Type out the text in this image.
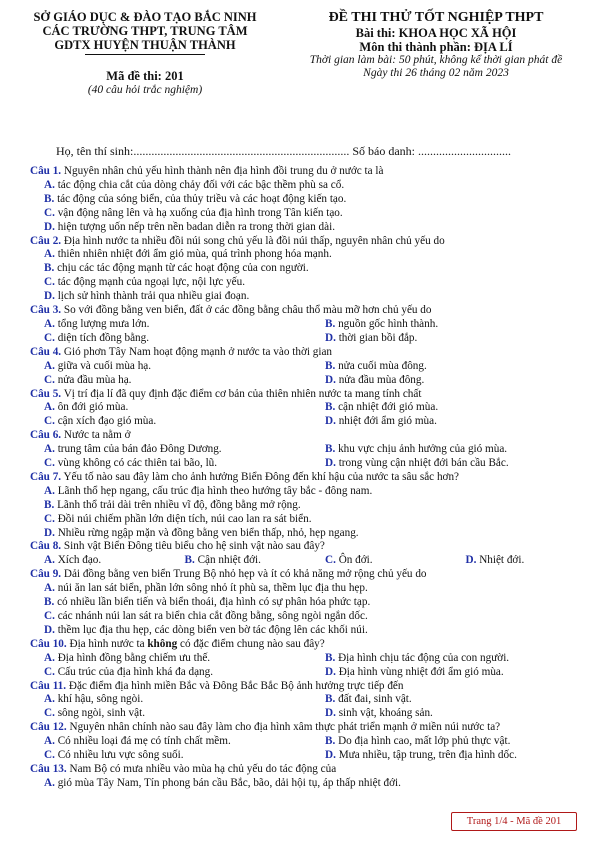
SỞ GIÁO DỤC & ĐÀO TẠO BẮC NINH
CÁC TRƯỜNG THPT, TRUNG TÂM
GDTX HUYỆN THUẬN THÀNH
Mã đề thi: 201
(40 câu hỏi trắc nghiệm)
ĐỀ THI THỬ TỐT NGHIỆP THPT
Bài thi: KHOA HỌC XÃ HỘI
Môn thi thành phần: ĐỊA LÍ
Thời gian làm bài: 50 phút, không kể thời gian phát đề
Ngày thi 26 tháng 02 năm 2023
Họ, tên thí sinh:........................................................................ Số báo danh: ...............................
Câu 1. Nguyên nhân chủ yếu hình thành nên địa hình đồi trung du ở nước ta là
A. tác động chia cắt của dòng chảy đối với các bậc thềm phù sa cổ.
B. tác động của sóng biển, của thủy triều và các hoạt động kiến tạo.
C. vận động nâng lên và hạ xuống của địa hình trong Tân kiến tạo.
D. hiện tượng uốn nếp trên nền badan diễn ra trong thời gian dài.
Câu 2. Địa hình nước ta nhiều đồi núi song chủ yếu là đồi núi thấp, nguyên nhân chủ yếu do
A. thiên nhiên nhiệt đới ẩm gió mùa, quá trình phong hóa mạnh.
B. chịu các tác động mạnh từ các hoạt động của con người.
C. tác động mạnh của ngoại lực, nội lực yếu.
D. lịch sử hình thành trải qua nhiều giai đoạn.
Câu 3. So với đồng bằng ven biển, đất ở các đồng bằng châu thổ màu mỡ hơn chủ yếu do
A. tổng lượng mưa lớn.	B. nguồn gốc hình thành.
C. diện tích đồng bằng.	D. thời gian bồi đắp.
Câu 4. Gió phơn Tây Nam hoạt động mạnh ở nước ta vào thời gian
A. giữa và cuối mùa hạ.	B. nửa cuối mùa đông.
C. nửa đầu mùa hạ.	D. nửa đầu mùa đông.
Câu 5. Vị trí địa lí đã quy định đặc điểm cơ bản của thiên nhiên nước ta mang tính chất
A. ôn đới gió mùa.	B. cận nhiệt đới gió mùa.
C. cận xích đạo gió mùa.	D. nhiệt đới ẩm gió mùa.
Câu 6. Nước ta nằm ở
A. trung tâm của bán đảo Đông Dương.	B. khu vực chịu ảnh hưởng của gió mùa.
C. vùng không có các thiên tai bão, lũ.	D. trong vùng cận nhiệt đới bán cầu Bắc.
Câu 7. Yếu tố nào sau đây làm cho ảnh hưởng Biển Đông đến khí hậu của nước ta sâu sắc hơn?
A. Lãnh thổ hẹp ngang, cấu trúc địa hình theo hướng tây bắc - đông nam.
B. Lãnh thổ trải dài trên nhiều vĩ độ, đồng bằng mở rộng.
C. Đồi núi chiếm phần lớn diện tích, núi cao lan ra sát biển.
D. Nhiều rừng ngập mặn và đồng bằng ven biển thấp, nhỏ, hẹp ngang.
Câu 8. Sinh vật Biển Đông tiêu biểu cho hệ sinh vật nào sau đây?
A. Xích đạo.	B. Cận nhiệt đới.	C. Ôn đới.	D. Nhiệt đới.
Câu 9. Dải đồng bằng ven biển Trung Bộ nhỏ hẹp và ít có khả năng mở rộng chủ yếu do
A. núi ăn lan sát biển, phần lớn sông nhỏ ít phù sa, thềm lục địa thu hẹp.
B. có nhiều lần biển tiến và biển thoái, địa hình có sự phân hóa phức tạp.
C. các nhánh núi lan sát ra biển chia cắt đồng bằng, sông ngòi ngắn dốc.
D. thềm lục địa thu hẹp, các dòng biển ven bờ tác động lên các khối núi.
Câu 10. Địa hình nước ta không có đặc điểm chung nào sau đây?
A. Địa hình đồng bằng chiếm ưu thế.	B. Địa hình chịu tác động của con người.
C. Cấu trúc của địa hình khá đa dạng.	D. Địa hình vùng nhiệt đới ẩm gió mùa.
Câu 11. Đặc điểm địa hình miền Bắc và Đông Bắc Bắc Bộ ảnh hưởng trực tiếp đến
A. khí hậu, sông ngòi.	B. đất đai, sinh vật.
C. sông ngòi, sinh vật.	D. sinh vật, khoáng sản.
Câu 12. Nguyên nhân chính nào sau đây làm cho địa hình xâm thực phát triển mạnh ở miền núi nước ta?
A. Có nhiều loại đá mẹ có tính chất mềm.	B. Do địa hình cao, mất lớp phủ thực vật.
C. Có nhiều lưu vực sông suối.	D. Mưa nhiều, tập trung, trên địa hình dốc.
Câu 13. Nam Bộ có mưa nhiều vào mùa hạ chủ yếu do tác động của
A. gió mùa Tây Nam, Tín phong bán cầu Bắc, bão, dải hội tụ, áp thấp nhiệt đới.
Trang 1/4 - Mã đề 201
